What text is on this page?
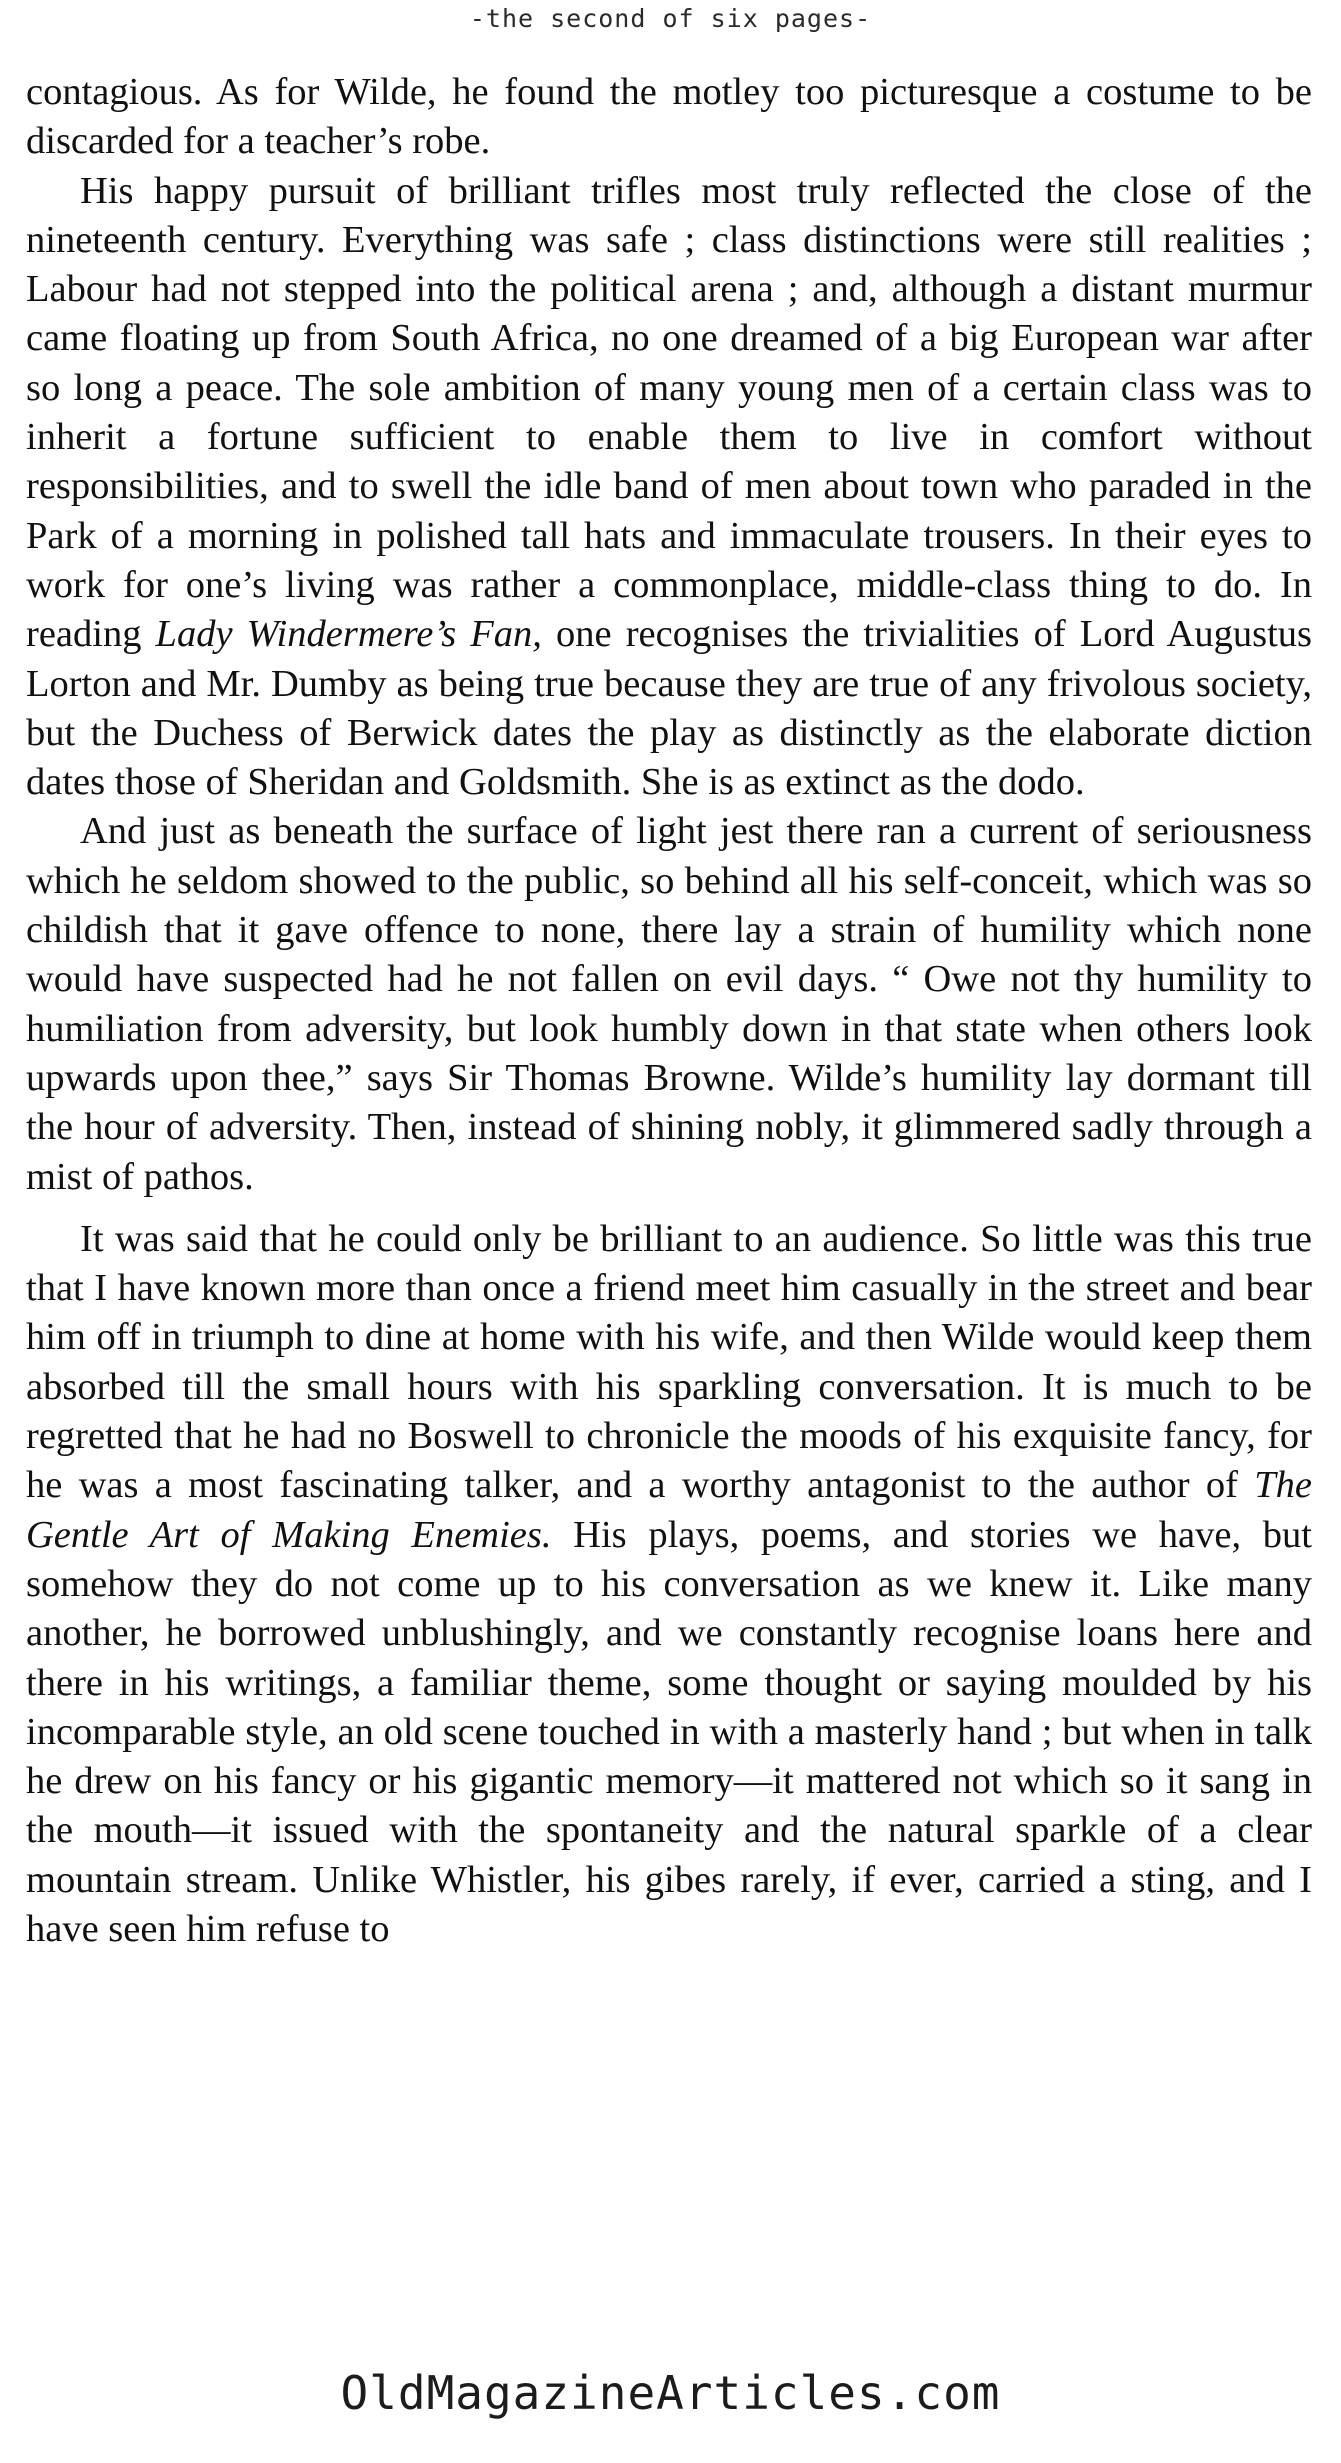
-the second of six pages-

contagious. As for Wilde, he found the motley too picturesque a costume to be discarded for a teacher’s robe.

His happy pursuit of brilliant trifles most truly reflected the close of the nineteenth century. Everything was safe ; class distinctions were still realities ; Labour had not stepped into the political arena ; and, although a distant murmur came floating up from South Africa, no one dreamed of a big European war after so long a peace. The sole ambition of many young men of a certain class was to inherit a fortune sufficient to enable them to live in comfort without responsibilities, and to swell the idle band of men about town who paraded in the Park of a morning in polished tall hats and immaculate trousers. In their eyes to work for one’s living was rather a commonplace, middle-class thing to do. In reading Lady Windermere’s Fan, one recognises the trivialities of Lord Augustus Lorton and Mr. Dumby as being true because they are true of any frivolous society, but the Duchess of Berwick dates the play as distinctly as the elaborate diction dates those of Sheridan and Goldsmith. She is as extinct as the dodo.

And just as beneath the surface of light jest there ran a current of seriousness which he seldom showed to the public, so behind all his self-conceit, which was so childish that it gave offence to none, there lay a strain of humility which none would have suspected had he not fallen on evil days. “ Owe not thy humility to humiliation from adversity, but look humbly down in that state when others look upwards upon thee,” says Sir Thomas Browne. Wilde’s humility lay dormant till the hour of adversity. Then, instead of shining nobly, it glimmered sadly through a mist of pathos.

It was said that he could only be brilliant to an audience. So little was this true that I have known more than once a friend meet him casually in the street and bear him off in triumph to dine at home with his wife, and then Wilde would keep them absorbed till the small hours with his sparkling conversation. It is much to be regretted that he had no Boswell to chronicle the moods of his exquisite fancy, for he was a most fascinating talker, and a worthy antagonist to the author of The Gentle Art of Making Enemies. His plays, poems, and stories we have, but somehow they do not come up to his conversation as we knew it. Like many another, he borrowed unblushingly, and we constantly recognise loans here and there in his writings, a familiar theme, some thought or saying moulded by his incomparable style, an old scene touched in with a masterly hand ; but when in talk he drew on his fancy or his gigantic memory—it mattered not which so it sang in the mouth—it issued with the spontaneity and the natural sparkle of a clear mountain stream. Unlike Whistler, his gibes rarely, if ever, carried a sting, and I have seen him refuse to

OldMagazineArticles.com
